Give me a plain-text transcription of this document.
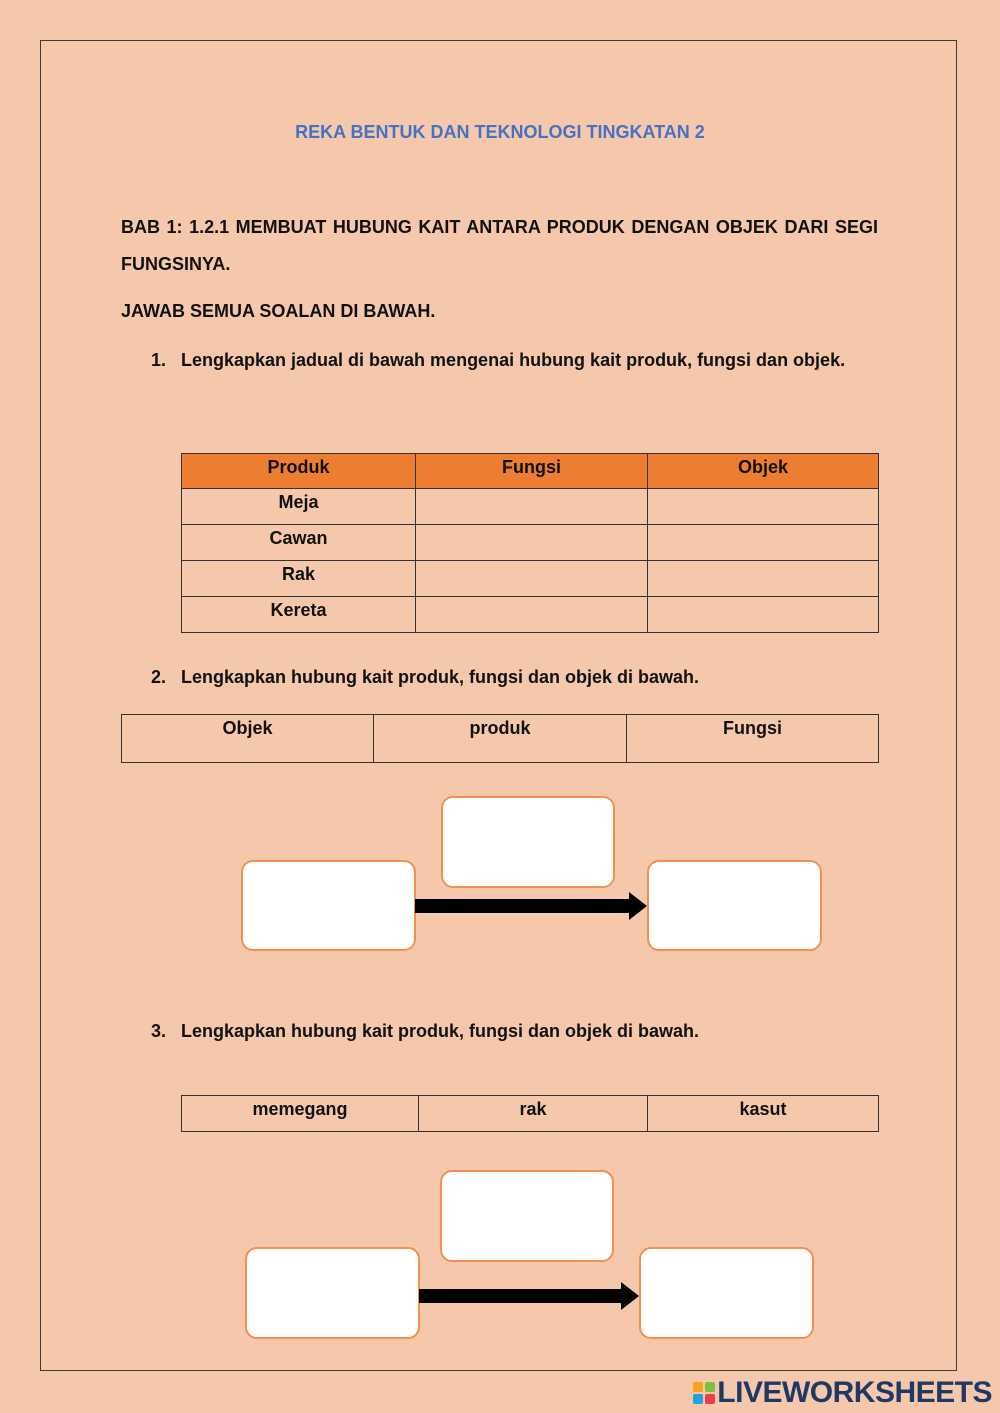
REKA BENTUK DAN TEKNOLOGI TINGKATAN 2
BAB 1: 1.2.1 MEMBUAT HUBUNG KAIT ANTARA PRODUK DENGAN OBJEK DARI SEGI FUNGSINYA.
JAWAB SEMUA SOALAN DI BAWAH.
1. Lengkapkan jadual di bawah mengenai hubung kait produk, fungsi dan objek.
Produk	Fungsi	Objek
Meja		
Cawan		
Rak		
Kereta		
2. Lengkapkan hubung kait produk, fungsi dan objek di bawah.
Objek	produk	Fungsi
3. Lengkapkan hubung kait produk, fungsi dan objek di bawah.
memegang	rak	kasut
LIVEWORKSHEETS
